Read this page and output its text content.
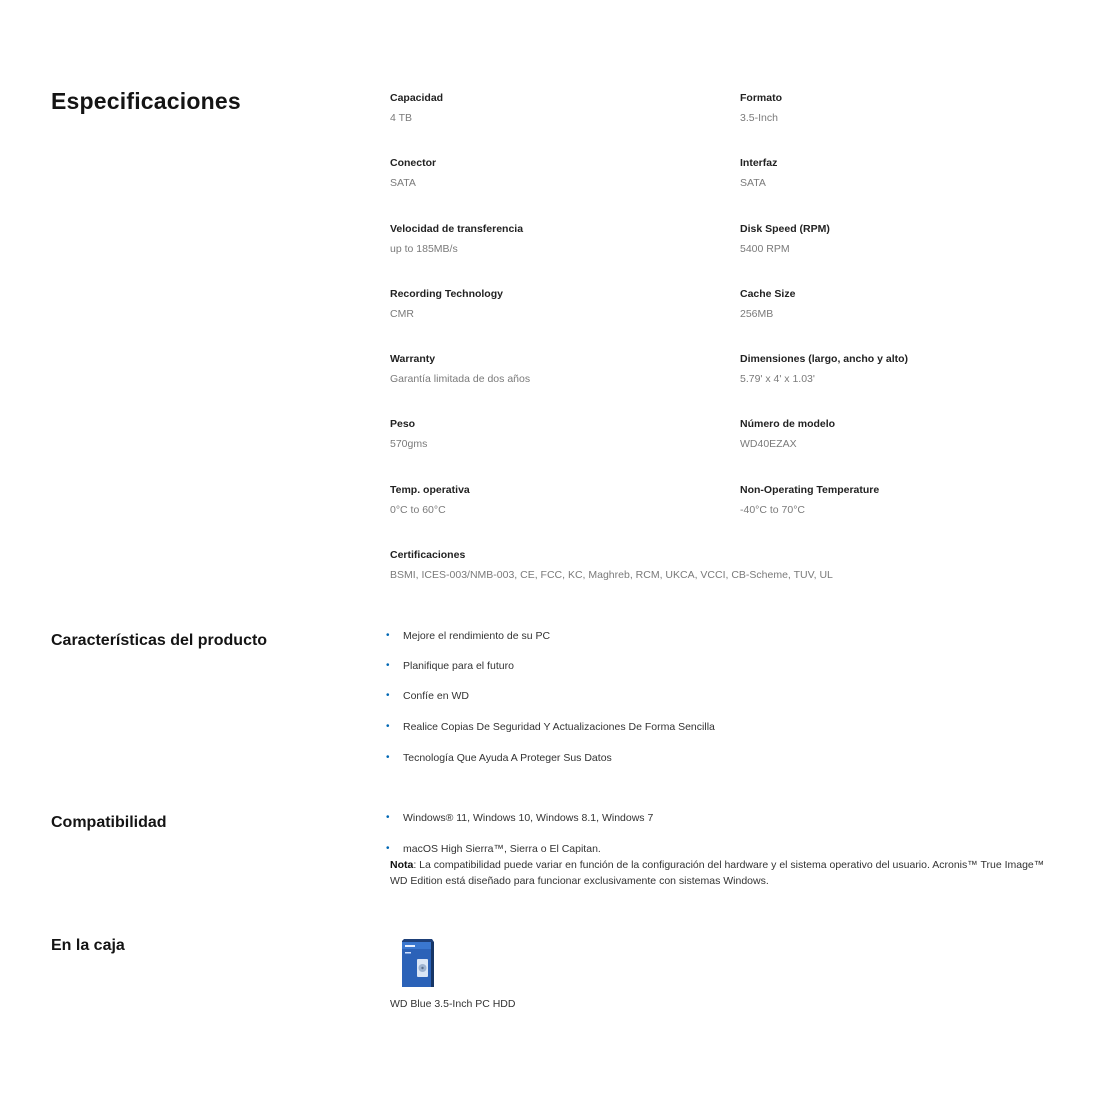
Especificaciones
Características del producto
Compatibilidad
En la caja
Capacidad
4 TB
Formato
3.5-Inch
Conector
SATA
Interfaz
SATA
Velocidad de transferencia
up to 185MB/s
Disk Speed (RPM)
5400 RPM
Recording Technology
CMR
Cache Size
256MB
Warranty
Garantía limitada de dos años
Dimensiones (largo, ancho y alto)
5.79' x 4' x 1.03'
Peso
570gms
Número de modelo
WD40EZAX
Temp. operativa
0°C to 60°C
Non-Operating Temperature
-40°C to 70°C
Certificaciones
BSMI, ICES-003/NMB-003, CE, FCC, KC, Maghreb, RCM, UKCA, VCCI, CB-Scheme, TUV, UL
• Mejore el rendimiento de su PC
• Planifique para el futuro
• Confíe en WD
• Realice Copias De Seguridad Y Actualizaciones De Forma Sencilla
• Tecnología Que Ayuda A Proteger Sus Datos
• Windows® 11, Windows 10, Windows 8.1, Windows 7
• macOS High Sierra™, Sierra o El Capitan.

Nota: La compatibilidad puede variar en función de la configuración del hardware y el sistema operativo del usuario. Acronis™ True Image™ WD Edition está diseñado para funcionar exclusivamente con sistemas Windows.

WD Blue 3.5-Inch PC HDD
